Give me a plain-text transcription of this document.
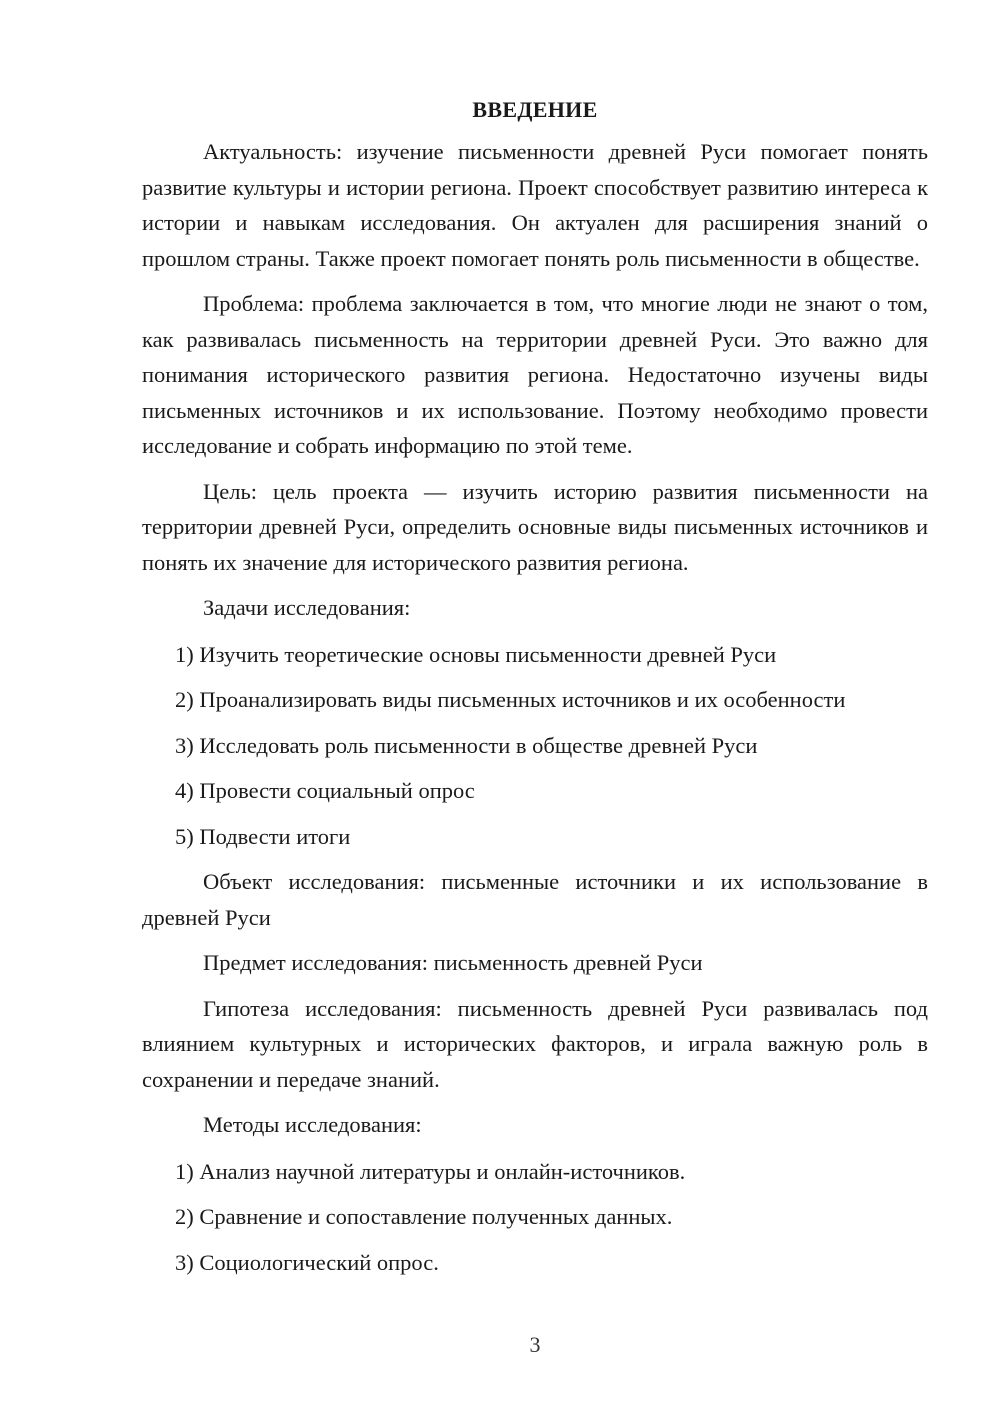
ВВЕДЕНИЕ

Актуальность: изучение письменности древней Руси помогает понять развитие культуры и истории региона. Проект способствует развитию интереса к истории и навыкам исследования. Он актуален для расширения знаний о прошлом страны. Также проект помогает понять роль письменности в обществе.

Проблема: проблема заключается в том, что многие люди не знают о том, как развивалась письменность на территории древней Руси. Это важно для понимания исторического развития региона. Недостаточно изучены виды письменных источников и их использование. Поэтому необходимо провести исследование и собрать информацию по этой теме.

Цель: цель проекта — изучить историю развития письменности на территории древней Руси, определить основные виды письменных источников и понять их значение для исторического развития региона.

Задачи исследования:

1) Изучить теоретические основы письменности древней Руси

2) Проанализировать виды письменных источников и их особенности

3) Исследовать роль письменности в обществе древней Руси

4) Провести социальный опрос

5) Подвести итоги

Объект исследования: письменные источники и их использование в древней Руси

Предмет исследования: письменность древней Руси

Гипотеза исследования: письменность древней Руси развивалась под влиянием культурных и исторических факторов, и играла важную роль в сохранении и передаче знаний.

Методы исследования:

1) Анализ научной литературы и онлайн-источников.

2) Сравнение и сопоставление полученных данных.

3) Социологический опрос.

3
